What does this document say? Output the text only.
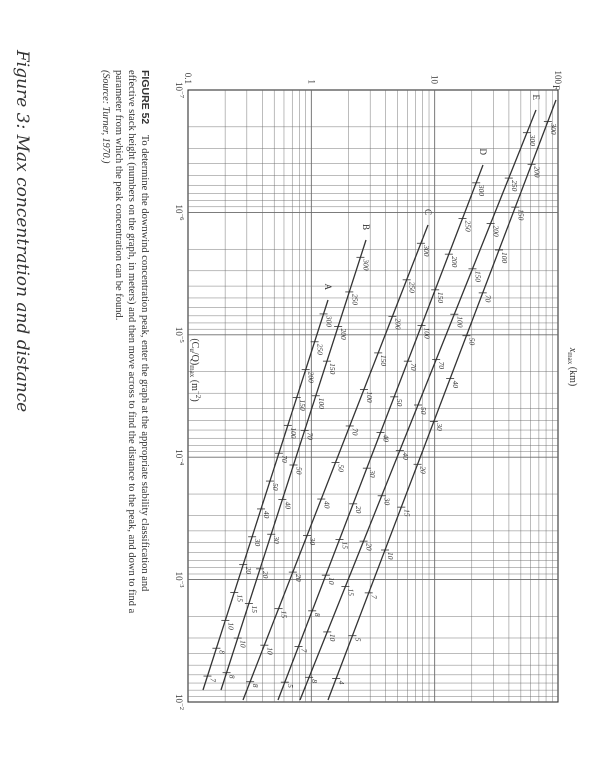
Figure 3: Max concentration and distance	FIGURE 52 To determine the downwind concentration peak, enter the graph at the appropriate stability classification and
effective stack height (numbers on the graph, in meters) and then move across to find the distance to the peak, and down to find a
parameter from which the peak concentration can be found.
(Source: Turner, 1970.)
$x_{max}$ (km)
$(C_u/Q)_{max}$ $(m^{-2})$
0.1	1	10	100
$10^{-7}$
$10^{-6}$
$10^{-5}$
$10^{-4}$
$10^{-3}$
$10^{-2}$
A
300
250
200
150
100
70
50
40
30
20
15
10
8
7
B
300
250
200
150
100
70
50
40
30
20
15
10
8
C
300
250
200
150
100
70
50
40
30
20
15
10
8
D
300
250
200
150
100
70
50
40
30
20
15
10
8
7
5
E
300
250
200
150
100
70
50
40
30
20
15
10
8
F
300
200
150
100
70
50
40
30
20
15
10
7
5
4
